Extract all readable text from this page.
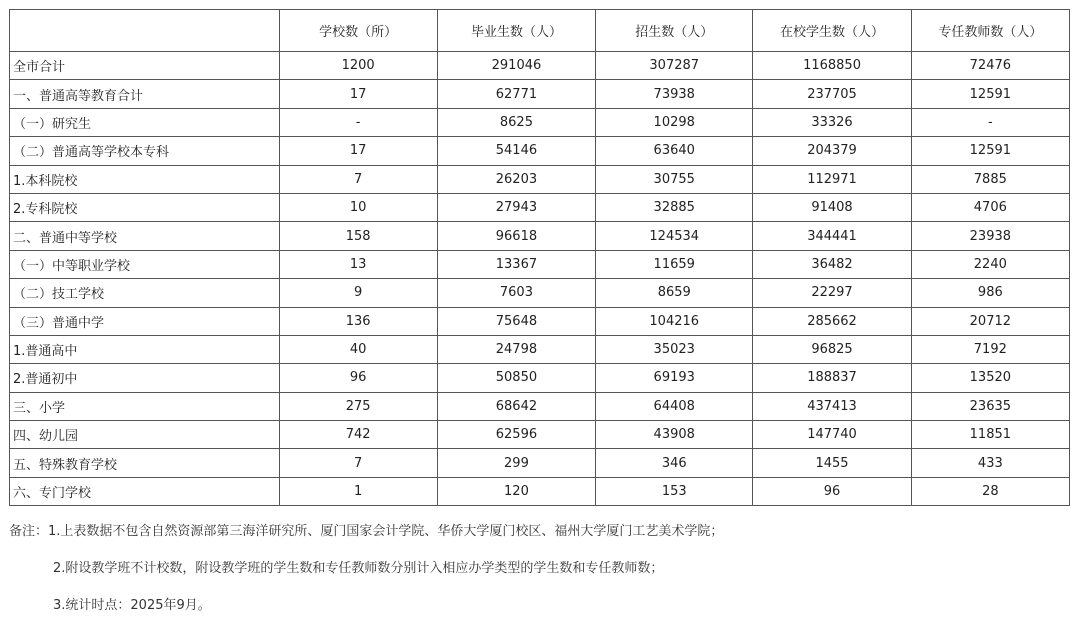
	学校数（所）	毕业生数（人）	招生数（人）	在校学生数（人）	专任教师数（人）
全市合计	1200	291046	307287	1168850	72476
一、普通高等教育合计	17	62771	73938	237705	12591
（一）研究生	-	8625	10298	33326	-
（二）普通高等学校本专科	17	54146	63640	204379	12591
1.本科院校	7	26203	30755	112971	7885
2.专科院校	10	27943	32885	91408	4706
二、普通中等学校	158	96618	124534	344441	23938
（一）中等职业学校	13	13367	11659	36482	2240
（二）技工学校	9	7603	8659	22297	986
（三）普通中学	136	75648	104216	285662	20712
1.普通高中	40	24798	35023	96825	7192
2.普通初中	96	50850	69193	188837	13520
三、小学	275	68642	64408	437413	23635
四、幼儿园	742	62596	43908	147740	11851
五、特殊教育学校	7	299	346	1455	433
六、专门学校	1	120	153	96	28
备注：1.上表数据不包含自然资源部第三海洋研究所、厦门国家会计学院、华侨大学厦门校区、福州大学厦门工艺美术学院；
2.附设教学班不计校数，附设教学班的学生数和专任教师数分别计入相应办学类型的学生数和专任教师数；
3.统计时点：2025年9月。
